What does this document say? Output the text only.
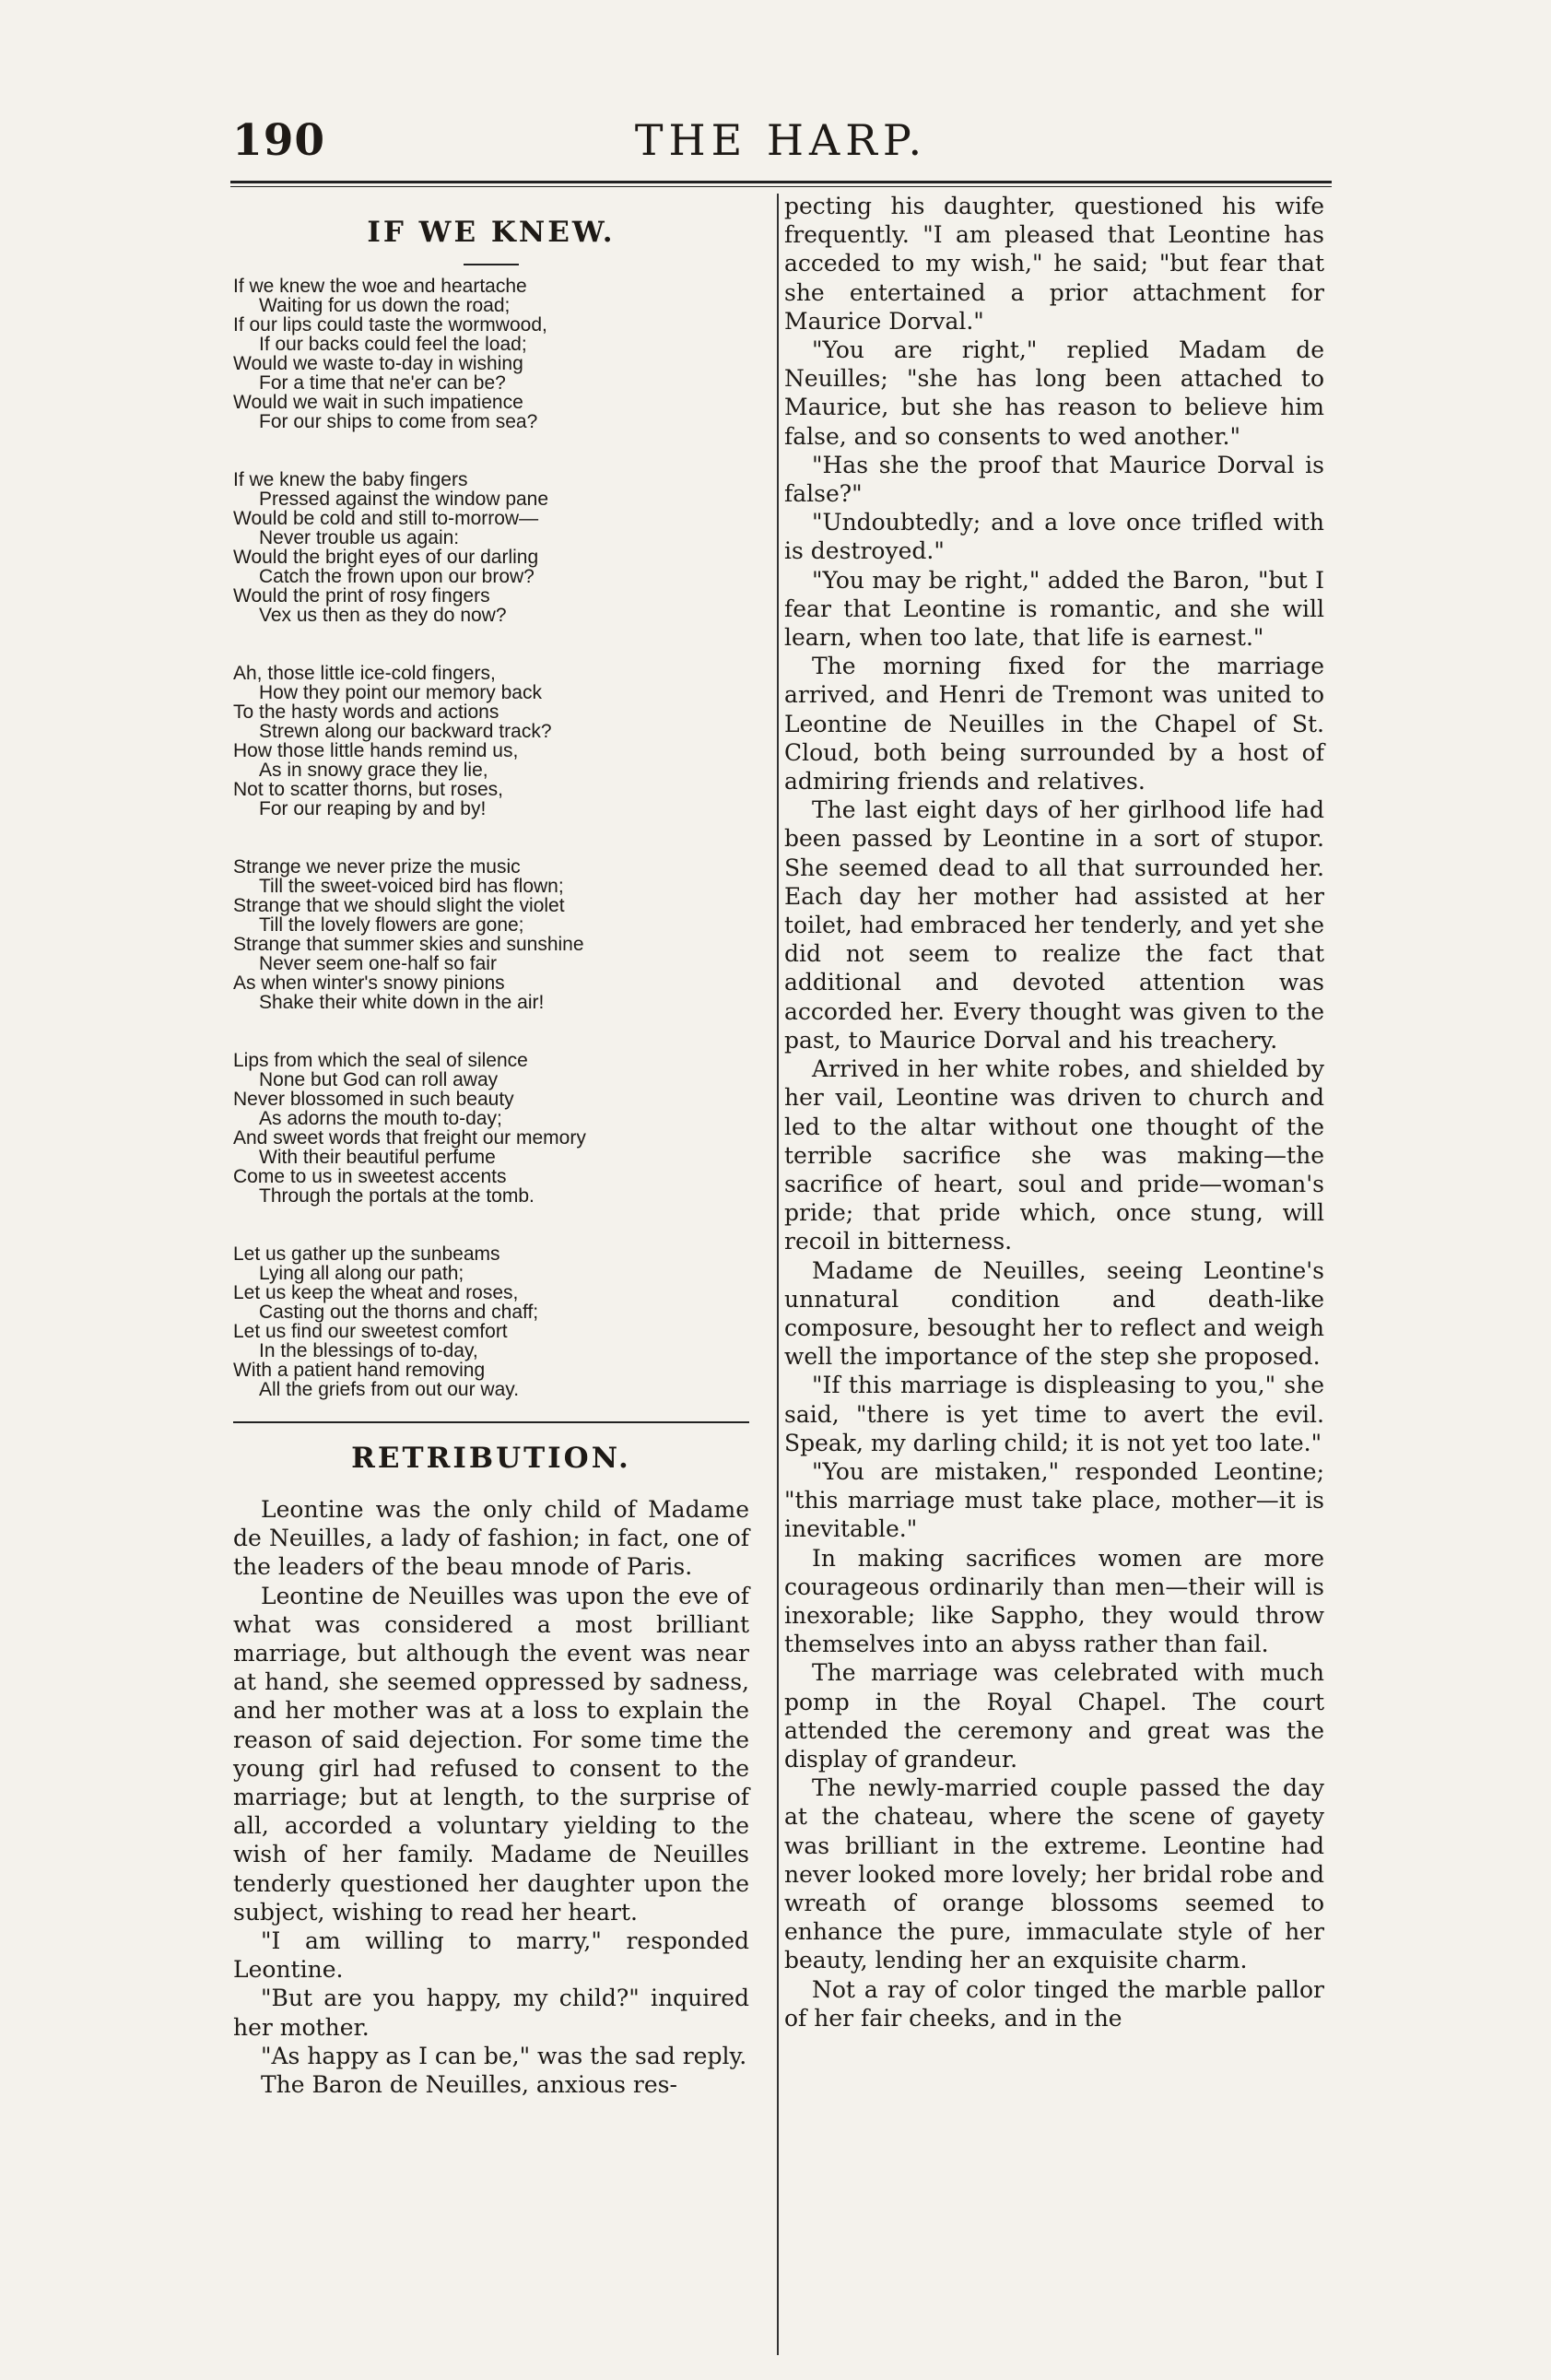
190	THE HARP.
IF WE KNEW.
If we knew the woe and heartache
Waiting for us down the road;
If our lips could taste the wormwood,
If our backs could feel the load;
Would we waste to-day in wishing
For a time that ne'er can be?
Would we wait in such impatience
For our ships to come from sea?
If we knew the baby fingers
Pressed against the window pane
Would be cold and still to-morrow—
Never trouble us again:
Would the bright eyes of our darling
Catch the frown upon our brow?
Would the print of rosy fingers
Vex us then as they do now?
Ah, those little ice-cold fingers,
How they point our memory back
To the hasty words and actions
Strewn along our backward track?
How those little hands remind us,
As in snowy grace they lie,
Not to scatter thorns, but roses,
For our reaping by and by!
Strange we never prize the music
Till the sweet-voiced bird has flown;
Strange that we should slight the violet
Till the lovely flowers are gone;
Strange that summer skies and sunshine
Never seem one-half so fair
As when winter's snowy pinions
Shake their white down in the air!
Lips from which the seal of silence
None but God can roll away
Never blossomed in such beauty
As adorns the mouth to-day;
And sweet words that freight our memory
With their beautiful perfume
Come to us in sweetest accents
Through the portals at the tomb.
Let us gather up the sunbeams
Lying all along our path;
Let us keep the wheat and roses,
Casting out the thorns and chaff;
Let us find our sweetest comfort
In the blessings of to-day,
With a patient hand removing
All the griefs from out our way.
RETRIBUTION.

Leontine was the only child of Madame de Neuilles, a lady of fashion; in fact, one of the leaders of the beau mnode of Paris.

Leontine de Neuilles was upon the eve of what was considered a most brilliant marriage, but although the event was near at hand, she seemed oppressed by sadness, and her mother was at a loss to explain the reason of said dejection. For some time the young girl had refused to consent to the marriage; but at length, to the surprise of all, accorded a voluntary yielding to the wish of her family. Madame de Neuilles tenderly questioned her daughter upon the subject, wishing to read her heart.

"I am willing to marry," responded Leontine.

"But are you happy, my child?" inquired her mother.

"As happy as I can be," was the sad reply.

The Baron de Neuilles, anxious res-

pecting his daughter, questioned his wife frequently. "I am pleased that Leontine has acceded to my wish," he said; "but fear that she entertained a prior attachment for Maurice Dorval."

"You are right," replied Madam de Neuilles; "she has long been attached to Maurice, but she has reason to believe him false, and so consents to wed another."

"Has she the proof that Maurice Dorval is false?"

"Undoubtedly; and a love once trifled with is destroyed."

"You may be right," added the Baron, "but I fear that Leontine is romantic, and she will learn, when too late, that life is earnest."

The morning fixed for the marriage arrived, and Henri de Tremont was united to Leontine de Neuilles in the Chapel of St. Cloud, both being surrounded by a host of admiring friends and relatives.

The last eight days of her girlhood life had been passed by Leontine in a sort of stupor. She seemed dead to all that surrounded her. Each day her mother had assisted at her toilet, had embraced her tenderly, and yet she did not seem to realize the fact that additional and devoted attention was accorded her. Every thought was given to the past, to Maurice Dorval and his treachery.

Arrived in her white robes, and shielded by her vail, Leontine was driven to church and led to the altar without one thought of the terrible sacrifice she was making—the sacrifice of heart, soul and pride—woman's pride; that pride which, once stung, will recoil in bitterness.

Madame de Neuilles, seeing Leontine's unnatural condition and death-like composure, besought her to reflect and weigh well the importance of the step she proposed.

"If this marriage is displeasing to you," she said, "there is yet time to avert the evil. Speak, my darling child; it is not yet too late."

"You are mistaken," responded Leontine; "this marriage must take place, mother—it is inevitable."

In making sacrifices women are more courageous ordinarily than men—their will is inexorable; like Sappho, they would throw themselves into an abyss rather than fail.

The marriage was celebrated with much pomp in the Royal Chapel. The court attended the ceremony and great was the display of grandeur.

The newly-married couple passed the day at the chateau, where the scene of gayety was brilliant in the extreme. Leontine had never looked more lovely; her bridal robe and wreath of orange blossoms seemed to enhance the pure, immaculate style of her beauty, lending her an exquisite charm.

Not a ray of color tinged the marble pallor of her fair cheeks, and in the
